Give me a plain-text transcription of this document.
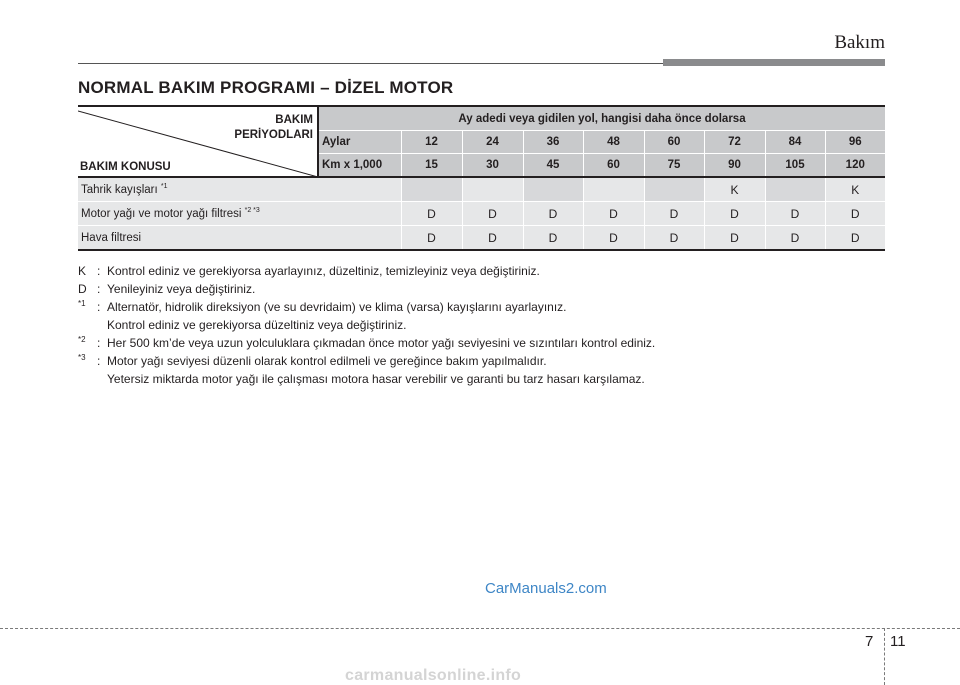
Bakım
NORMAL BAKIM PROGRAMI – DİZEL MOTOR
BAKIM
PERİYODLARI
BAKIM KONUSU	Ay adedi veya gidilen yol, hangisi daha önce dolarsa								
	Aylar	12	24	36	48	60	72	84	96
	Km x 1,000	15	30	45	60	75	90	105	120
Tahrik kayışları $^{*1}$							K		K
Motor yağı ve motor yağı filtresi $^{*2 *3}$		D	D	D	D	D	D	D	D
Hava filtresi		D	D	D	D	D	D	D	D
K : Kontrol ediniz ve gerekiyorsa ayarlayınız, düzeltiniz, temizleyiniz veya değiştiriniz.
D : Yenileyiniz veya değiştiriniz.
$^{*1}$ : Alternatör, hidrolik direksiyon (ve su devridaim) ve klima (varsa) kayışlarını ayarlayınız.
Kontrol ediniz ve gerekiyorsa düzeltiniz veya değiştiriniz.
$^{*2}$ : Her 500 km’de veya uzun yolculuklara çıkmadan önce motor yağı seviyesini ve sızıntıları kontrol ediniz.
$^{*3}$ : Motor yağı seviyesi düzenli olarak kontrol edilmeli ve gereğince bakım yapılmalıdır.
Yetersiz miktarda motor yağı ile çalışması motora hasar verebilir ve garanti bu tarz hasarı karşılamaz.
CarManuals2.com
7 11
carmanualsonline.info
